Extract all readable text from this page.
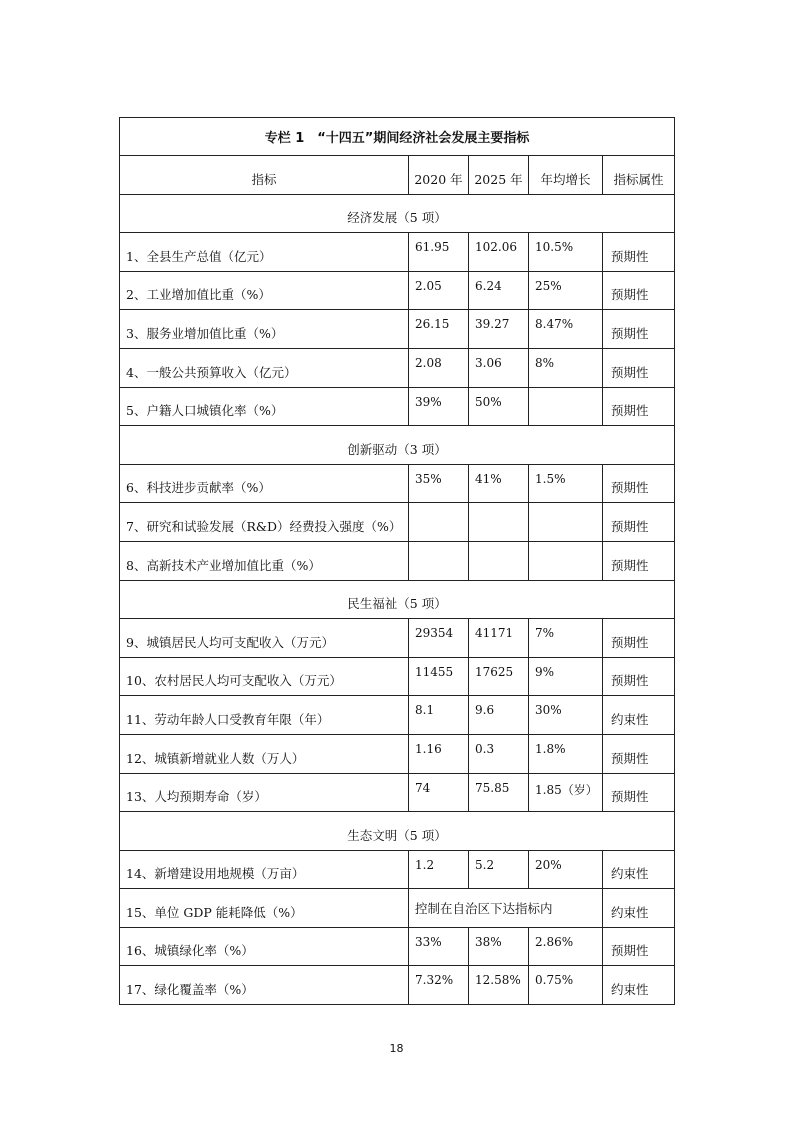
专栏 1　“十四五”期间经济社会发展主要指标				
指标	2020 年	2025 年	年均增长	指标属性
经济发展（5 项）				
1、全县生产总值（亿元）	61.95	102.06	10.5%	预期性
2、工业增加值比重（%）	2.05	6.24	25%	预期性
3、服务业增加值比重（%）	26.15	39.27	8.47%	预期性
4、一般公共预算收入（亿元）	2.08	3.06	8%	预期性
5、户籍人口城镇化率（%）	39%	50%		预期性
创新驱动（3 项）				
6、科技进步贡献率（%）	35%	41%	1.5%	预期性
7、研究和试验发展（R&D）经费投入强度（%）				预期性
8、高新技术产业增加值比重（%）				预期性
民生福祉（5 项）				
9、城镇居民人均可支配收入（万元）	29354	41171	7%	预期性
10、农村居民人均可支配收入（万元）	11455	17625	9%	预期性
11、劳动年龄人口受教育年限（年）	8.1	9.6	30%	约束性
12、城镇新增就业人数（万人）	1.16	0.3	1.8%	预期性
13、人均预期寿命（岁）	74	75.85	1.85（岁）	预期性
生态文明（5 项）				
14、新增建设用地规模（万亩）	1.2	5.2	20%	约束性
15、单位 GDP 能耗降低（%）	控制在自治区下达指标内			约束性
16、城镇绿化率（%）	33%	38%	2.86%	预期性
17、绿化覆盖率（%）	7.32%	12.58%	0.75%	约束性
18
